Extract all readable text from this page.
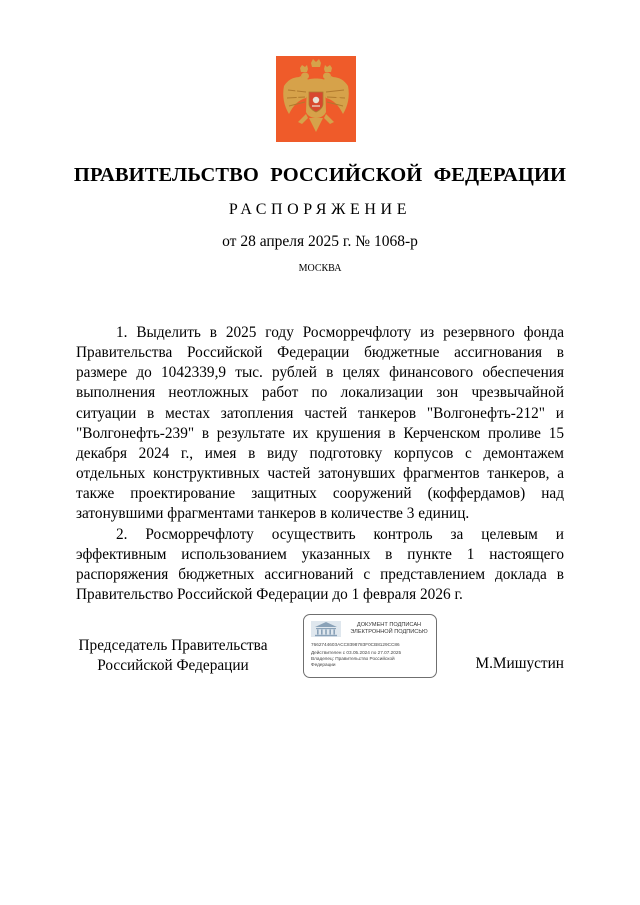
ПРАВИТЕЛЬСТВО РОССИЙСКОЙ ФЕДЕРАЦИИ
РАСПОРЯЖЕНИЕ
от 28 апреля 2025 г. № 1068-р
МОСКВА

1. Выделить в 2025 году Росморречфлоту из резервного фонда Правительства Российской Федерации бюджетные ассигнования в размере до 1042339,9 тыс. рублей в целях финансового обеспечения выполнения неотложных работ по локализации зон чрезвычайной ситуации в местах затопления частей танкеров "Волгонефть-212" и "Волгонефть-239" в результате их крушения в Керченском проливе 15 декабря 2024 г., имея в виду подготовку корпусов с демонтажем отдельных конструктивных частей затонувших фрагментов танкеров, а также проектирование защитных сооружений (коффердамов) над затонувшими фрагментами танкеров в количестве 3 единиц.

2. Росморречфлоту осуществить контроль за целевым и эффективным использованием указанных в пункте 1 настоящего распоряжения бюджетных ассигнований с представлением доклада в Правительство Российской Федерации до 1 февраля 2026 г.

Председатель Правительства
Российской Федерации
ДОКУМЕНТ ПОДПИСАН
ЭЛЕКТРОННОЙ ПОДПИСЬЮ
7662744603ACC8398783F0CB8129CC86
Действителен с 03.05.2024 по 27.07.2025
Владелец: Правительство Российской
Федерации	М.Мишустин
